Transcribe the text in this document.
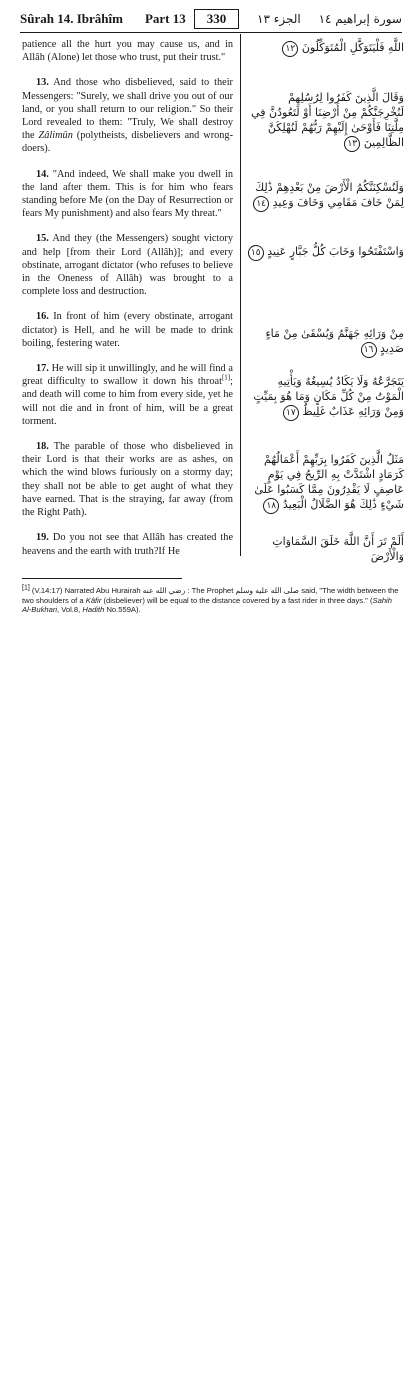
Sûrah 14. Ibrâhîm Part 13	330	الجزء ١٣ سورة إبراهيم ١٤

patience all the hurt you may cause us, and in Allâh (Alone) let those who trust, put their trust."

13. And those who disbelieved, said to their Messengers: "Surely, we shall drive you out of our land, or you shall return to our religion." So their Lord revealed to them: "Truly, We shall destroy the Zâlimûn (polytheists, disbelievers and wrong-doers).

14. "And indeed, We shall make you dwell in the land after them. This is for him who fears standing before Me (on the Day of Resurrection or fears My punishment) and also fears My threat."

15. And they (the Messengers) sought victory and help [from their Lord (Allâh)]; and every obstinate, arrogant dictator (who refuses to believe in the Oneness of Allâh) was brought to a complete loss and destruction.

16. In front of him (every obstinate, arrogant dictator) is Hell, and he will be made to drink boiling, festering water.

17. He will sip it unwillingly, and he will find a great difficulty to swallow it down his throat[1]; and death will come to him from every side, yet he will not die and in front of him, will be a great torment.

18. The parable of those who disbelieved in their Lord is that their works are as ashes, on which the wind blows furiously on a stormy day; they shall not be able to get aught of what they have earned. That is the straying, far away (from the Right Path).

19. Do you not see that Allâh has created the heavens and the earth with truth?If He

اللَّهِ فَلْيَتَوَكَّلِ الْمُتَوَكِّلُونَ ١٢
وَقَالَ الَّذِينَ كَفَرُوا لِرُسُلِهِمْ لَنُخْرِجَنَّكُمْ مِنْ أَرْضِنَا أَوْ لَتَعُودُنَّ فِي مِلَّتِنَا فَأَوْحَىٰ إِلَيْهِمْ رَبُّهُمْ لَنُهْلِكَنَّ الظَّالِمِينَ ١٣
وَلَنُسْكِنَنَّكُمُ الْأَرْضَ مِنْ بَعْدِهِمْ ذَٰلِكَ لِمَنْ خَافَ مَقَامِي وَخَافَ وَعِيدِ ١٤
وَاسْتَفْتَحُوا وَخَابَ كُلُّ جَبَّارٍ عَنِيدٍ ١٥
مِنْ وَرَائِهِ جَهَنَّمُ وَيُسْقَىٰ مِنْ مَاءٍ صَدِيدٍ ١٦
يَتَجَرَّعُهُ وَلَا يَكَادُ يُسِيغُهُ وَيَأْتِيهِ الْمَوْتُ مِنْ كُلِّ مَكَانٍ وَمَا هُوَ بِمَيِّتٍ وَمِنْ وَرَائِهِ عَذَابٌ غَلِيظٌ ١٧
مَثَلُ الَّذِينَ كَفَرُوا بِرَبِّهِمْ أَعْمَالُهُمْ كَرَمَادٍ اشْتَدَّتْ بِهِ الرِّيحُ فِي يَوْمٍ عَاصِفٍ لَا يَقْدِرُونَ مِمَّا كَسَبُوا عَلَىٰ شَيْءٍ ذَٰلِكَ هُوَ الضَّلَالُ الْبَعِيدُ ١٨
أَلَمْ تَرَ أَنَّ اللَّهَ خَلَقَ السَّمَاوَاتِ وَالْأَرْضَ
[1] (V.14:17) Narrated Abu Hurairah رضي الله عنه : The Prophet صلى الله عليه وسلم said, "The width between the two shoulders of a Kâfir (disbeliever) will be equal to the distance covered by a fast rider in three days." (Sahih Al-Bukhari, Vol.8, Hadith No.559A).
